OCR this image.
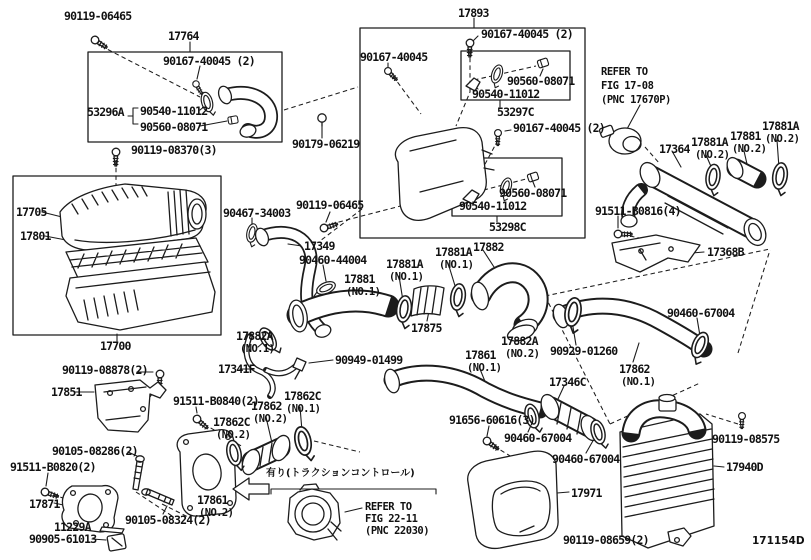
90119-06465
17764
90167-40045 (2)
53296A 90540-11012
90560-08071
90119-08370(3)	90179-06219
17893
90167-40045 (2)
90167-40045
90560-08071
90540-11012
53297C
90167-40045 (2)
90560-08071
90540-11012
53298C
REFER TO
FIG 17-08
(PNC 17670P)
17364 17881A
(NO.2)
17881
(NO.2)
17881A
(NO.2)
91511-B0816(4)
17368B
17705
17801
17700
90467-34003
90119-06465
17349
90460-44004
17881
(NO.1)
17881A
(NO.1)
17881A
(NO.1)
17882
17875
17882A
(NO.1)
17341F
90949-01499
17882A
(NO.2) 90929-01260
17861
(NO.1)
17346C
17862
(NO.1)
90460-67004
91656-60616(3)
90460-67004
90460-67004
90119-08878(2)
17851
91511-B0840(2)
17862C
(NO.2)
17862
(NO.2)
17862C
(NO.1)
90105-08286(2)
91511-B0820(2)
17871
11229A
90905-61013
90105-08324(2)
17861
(NO.2)
有り(トラクションコントロール)
REFER TO
FIG 22-11
(PNC 22030)
17971
90119-08659(2)
90119-08575
17940D
171154D
